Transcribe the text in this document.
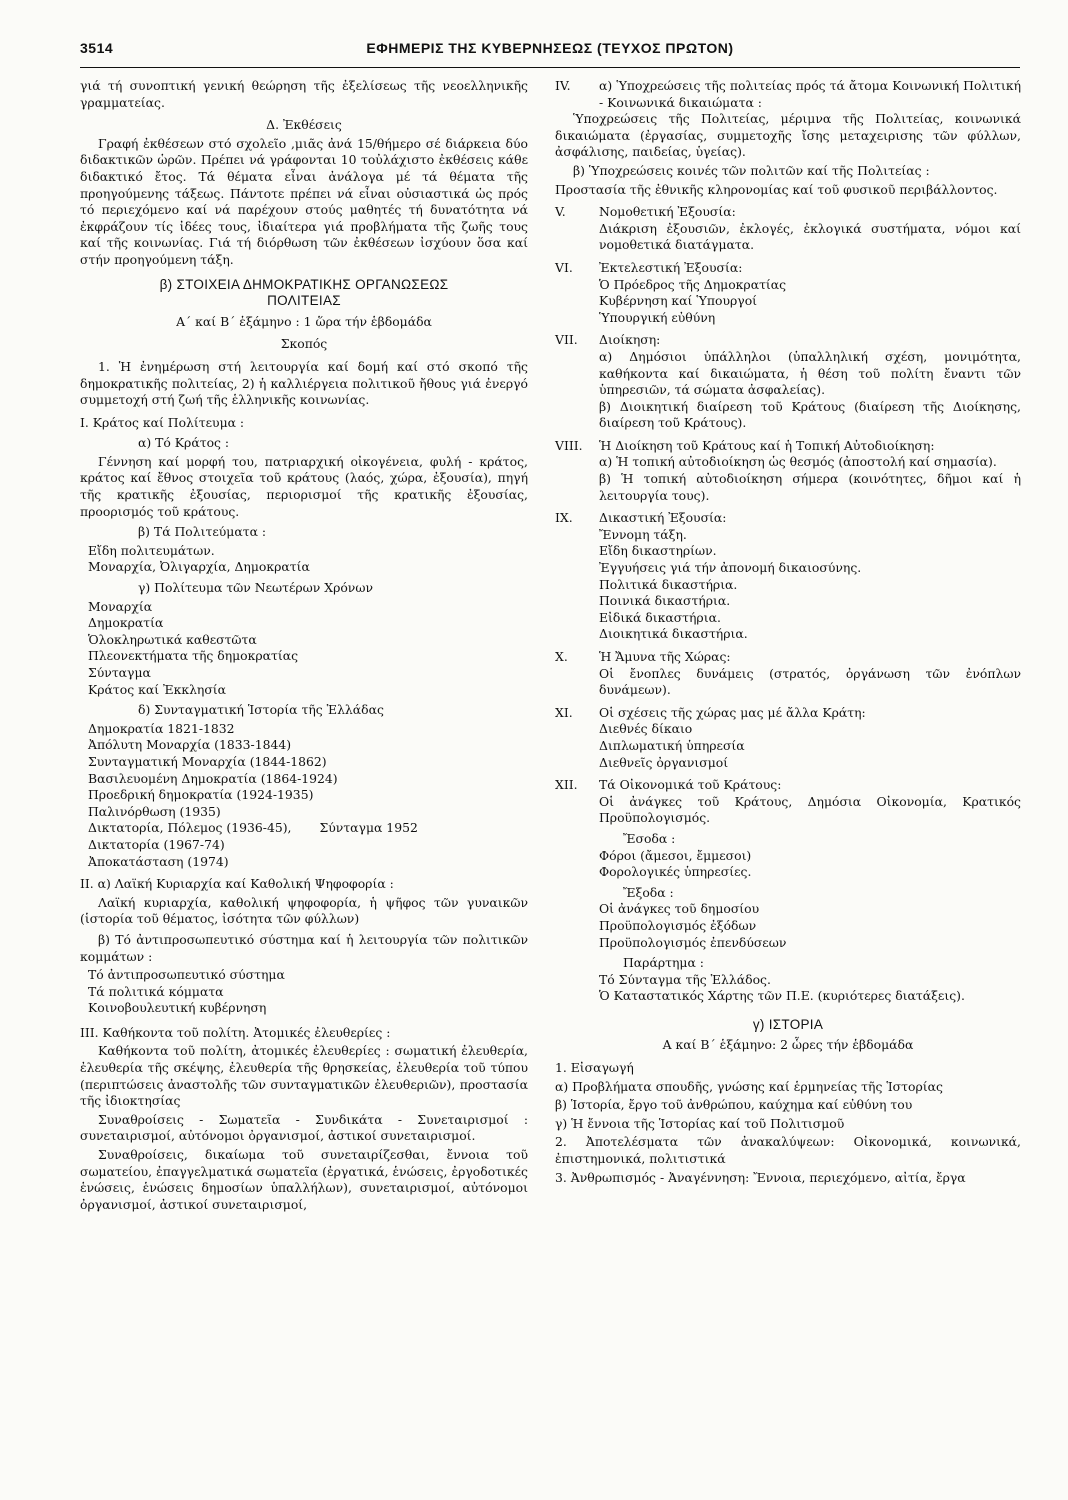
3514	ΕΦΗΜΕΡΙΣ ΤΗΣ ΚΥΒΕΡΝΗΣΕΩΣ (ΤΕΥΧΟΣ ΠΡΩΤΟΝ)

γιά τή συνοπτική γενική θεώρηση τῆς ἐξελίσεως τῆς νεοελληνικῆς γραμματείας.

Δ. Ἐκθέσεις

Γραφή ἐκθέσεων στό σχολεῖο ,μιᾶς ἀνά 15/θήμερο σέ διάρκεια δύο διδακτικῶν ὡρῶν. Πρέπει νά γράφονται 10 τοὐλάχιστο ἐκθέσεις κάθε διδακτικό ἔτος. Τά θέματα εἶναι ἀνάλογα μέ τά θέματα τῆς προηγούμενης τάξεως. Πάντοτε πρέπει νά εἶναι οὐσιαστικά ὡς πρός τό περιεχόμενο καί νά παρέχουν στούς μαθητές τή δυνατότητα νά ἐκφράζουν τίς ἰδέες τους, ἰδιαίτερα γιά προβλήματα τῆς ζωῆς τους καί τῆς κοινωνίας. Γιά τή διόρθωση τῶν ἐκθέσεων ἰσχύουν ὅσα καί στήν προηγούμενη τάξη.

β) ΣΤΟΙΧΕΙΑ ΔΗΜΟΚΡΑΤΙΚΗΣ ΟΡΓΑΝΩΣΕΩΣ
ΠΟΛΙΤΕΙΑΣ

Α΄ καί Β΄ ἑξάμηνο : 1 ὥρα τήν ἑβδομάδα

Σκοπός

1. Ἡ ἐνημέρωση στή λειτουργία καί δομή καί στό σκοπό τῆς δημοκρατικῆς πολιτείας, 2) ἡ καλλιέργεια πολιτικοῦ ἤθους γιά ἐνεργό συμμετοχή στή ζωή τῆς ἑλληνικῆς κοινωνίας.

Ι. Κράτος καί Πολίτευμα :

α) Τό Κράτος :

Γέννηση καί μορφή του, πατριαρχική οἰκογένεια, φυλή - κράτος, κράτος καί ἔθνος στοιχεῖα τοῦ κράτους (λαός, χώρα, ἐξουσία), πηγή τῆς κρατικῆς ἐξουσίας, περιορισμοί τῆς κρατικῆς ἐξουσίας, προορισμός τοῦ κράτους.

β) Τά Πολιτεύματα :

Εἴδη πολιτευμάτων.
Μοναρχία, Ὀλιγαρχία, Δημοκρατία

γ) Πολίτευμα τῶν Νεωτέρων Χρόνων

Μοναρχία
Δημοκρατία
Ὁλοκληρωτικά καθεστῶτα
Πλεονεκτήματα τῆς δημοκρατίας
Σύνταγμα
Κράτος καί Ἐκκλησία

δ) Συνταγματική Ἱστορία τῆς Ἑλλάδας

Δημοκρατία 1821-1832
Ἀπόλυτη Μοναρχία (1833-1844)
Συνταγματική Μοναρχία (1844-1862)
Βασιλευομένη Δημοκρατία (1864-1924)
Προεδρική δημοκρατία (1924-1935)
Παλινόρθωση (1935)
Δικτατορία, Πόλεμος (1936-45), Σύνταγμα 1952
Δικτατορία (1967-74)
Ἀποκατάσταση (1974)

ΙΙ. α) Λαϊκή Κυριαρχία καί Καθολική Ψηφοφορία :

Λαϊκή κυριαρχία, καθολική ψηφοφορία, ἡ ψῆφος τῶν γυναικῶν (ἱστορία τοῦ θέματος, ἰσότητα τῶν φύλλων)

β) Τό ἀντιπροσωπευτικό σύστημα καί ἡ λειτουργία τῶν πολιτικῶν κομμάτων :

Τό ἀντιπροσωπευτικό σύστημα
Τά πολιτικά κόμματα
Κοινοβουλευτική κυβέρνηση

ΙΙΙ. Καθήκοντα τοῦ πολίτη. Ἀτομικές ἐλευθερίες :

Καθήκοντα τοῦ πολίτη, ἀτομικές ἐλευθερίες : σωματική ἐλευθερία, ἐλευθερία τῆς σκέψης, ἐλευθερία τῆς θρησκείας, ἐλευθερία τοῦ τύπου (περιπτώσεις ἀναστολῆς τῶν συνταγματικῶν ἐλευθεριῶν), προστασία τῆς ἰδιοκτησίας

Συναθροίσεις - Σωματεῖα - Συνδικάτα - Συνεταιρισμοί : συνεταιρισμοί, αὐτόνομοι ὀργανισμοί, ἀστικοί συνεταιρισμοί.

Συναθροίσεις, δικαίωμα τοῦ συνεταιρίζεσθαι, ἔννοια τοῦ σωματείου, ἐπαγγελματικά σωματεῖα (ἐργατικά, ἑνώσεις, ἐργοδοτικές ἑνώσεις, ἑνώσεις δημοσίων ὑπαλλήλων), συνεταιρισμοί, αὐτόνομοι ὀργανισμοί, ἀστικοί συνεταιρισμοί,

IV.	α) Ὑποχρεώσεις τῆς πολιτείας πρός τά ἄτομα Κοινωνική Πολιτική - Κοινωνικά δικαιώματα :

Ὑποχρεώσεις τῆς Πολιτείας, μέριμνα τῆς Πολιτείας, κοινωνικά δικαιώματα (ἐργασίας, συμμετοχῆς ἴσης μεταχειρισης τῶν φύλλων, ἀσφάλισης, παιδείας, ὑγείας).

β) Ὑποχρεώσεις κοινές τῶν πολιτῶν καί τῆς Πολιτείας :

Προστασία τῆς ἐθνικῆς κληρονομίας καί τοῦ φυσικοῦ περιβάλλοντος.

V.	Νομοθετική Ἐξουσία:
Διάκριση ἐξουσιῶν, ἐκλογές, ἐκλογικά συστήματα, νόμοι καί νομοθετικά διατάγματα.
VI.	Ἐκτελεστική Ἐξουσία:
Ὁ Πρόεδρος τῆς Δημοκρατίας
Κυβέρνηση καί Ὑπουργοί
Ὑπουργική εὐθύνη
VII.	Διοίκηση:
α) Δημόσιοι ὑπάλληλοι (ὑπαλληλική σχέση, μονιμότητα, καθήκοντα καί δικαιώματα, ἡ θέση τοῦ πολίτη ἔναντι τῶν ὑπηρεσιῶν, τά σώματα ἀσφαλείας).
β) Διοικητική διαίρεση τοῦ Κράτους (διαίρεση τῆς Διοίκησης, διαίρεση τοῦ Κράτους).
VIII.	Ἡ Διοίκηση τοῦ Κράτους καί ἡ Τοπική Αὐτοδιοίκηση:
α) Ἡ τοπική αὐτοδιοίκηση ὡς θεσμός (ἀποστολή καί σημασία).
β) Ἡ τοπική αὐτοδιοίκηση σήμερα (κοινότητες, δῆμοι καί ἡ λειτουργία τους).
IX.	Δικαστική Ἐξουσία:
Ἔννομη τάξη.
Εἴδη δικαστηρίων.
Ἐγγυήσεις γιά τήν ἀπονομή δικαιοσύνης.
Πολιτικά δικαστήρια.
Ποινικά δικαστήρια.
Εἰδικά δικαστήρια.
Διοικητικά δικαστήρια.
X.	Ἡ Ἄμυνα τῆς Χώρας:
Οἱ ἔνοπλες δυνάμεις (στρατός, ὀργάνωση τῶν ἐνόπλων δυνάμεων).
XI.	Οἱ σχέσεις τῆς χώρας μας μέ ἄλλα Κράτη:
Διεθνές δίκαιο
Διπλωματική ὑπηρεσία
Διεθνεῖς ὀργανισμοί
XII.	Τά Οἰκονομικά τοῦ Κράτους:
Οἱ ἀνάγκες τοῦ Κράτους, Δημόσια Οἰκονομία, Κρατικός Προϋπολογισμός.
Ἔσοδα :
Φόροι (ἄμεσοι, ἔμμεσοι)
Φορολογικές ὑπηρεσίες.
Ἔξοδα :
Οἱ ἀνάγκες τοῦ δημοσίου
Προϋπολογισμός ἐξόδων
Προϋπολογισμός ἐπενδύσεων
Παράρτημα :
Τό Σύνταγμα τῆς Ἑλλάδος.
Ὁ Καταστατικός Χάρτης τῶν Π.Ε. (κυριότερες διατάξεις).
γ) ΙΣΤΟΡΙΑ

Α καί Β΄ ἑξάμηνο: 2 ὧρες τήν ἑβδομάδα

1. Εἰσαγωγή

α) Προβλήματα σπουδῆς, γνώσης καί ἑρμηνείας τῆς Ἱστορίας

β) Ἱστορία, ἔργο τοῦ ἀνθρώπου, καύχημα καί εὐθύνη του

γ) Ἡ ἔννοια τῆς Ἱστορίας καί τοῦ Πολιτισμοῦ

2. Ἀποτελέσματα τῶν ἀνακαλύψεων: Οἰκονομικά, κοινωνικά, ἐπιστημονικά, πολιτιστικά

3. Ἀνθρωπισμός - Ἀναγέννηση: Ἔννοια, περιεχόμενο, αἰτία, ἔργα
